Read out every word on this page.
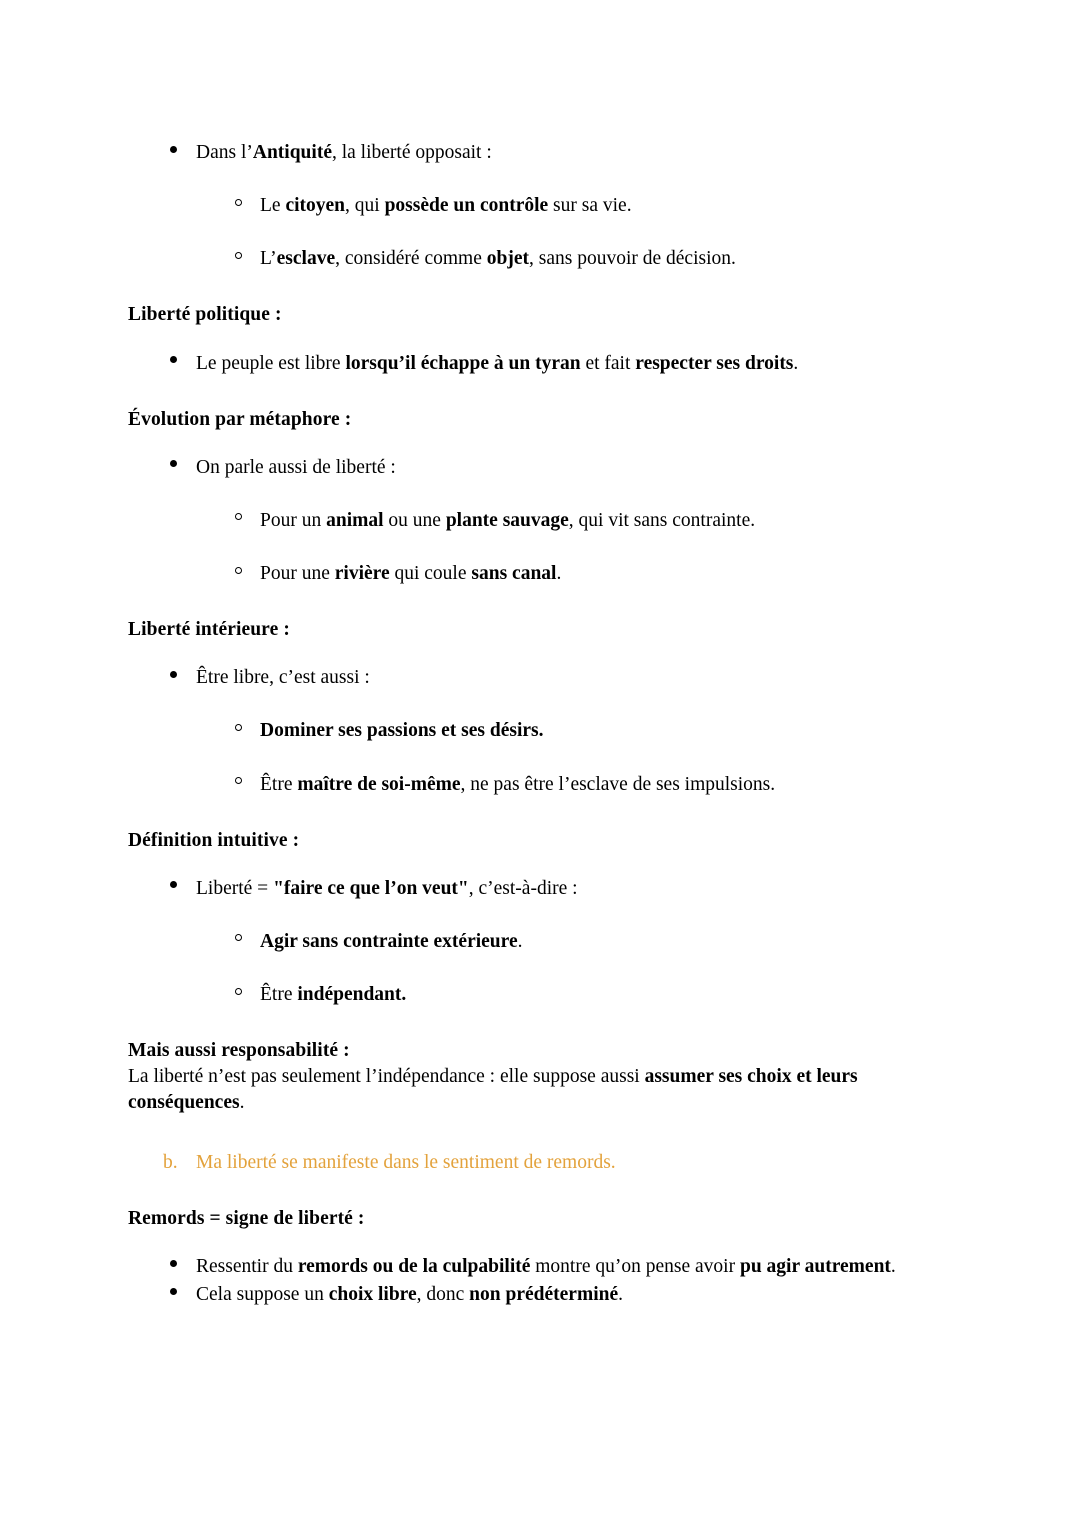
Dans l’Antiquité, la liberté opposait :
Le citoyen, qui possède un contrôle sur sa vie.
L’esclave, considéré comme objet, sans pouvoir de décision.
Liberté politique :
Le peuple est libre lorsqu’il échappe à un tyran et fait respecter ses droits.
Évolution par métaphore :
On parle aussi de liberté :
Pour un animal ou une plante sauvage, qui vit sans contrainte.
Pour une rivière qui coule sans canal.
Liberté intérieure :
Être libre, c’est aussi :
Dominer ses passions et ses désirs.
Être maître de soi-même, ne pas être l’esclave de ses impulsions.
Définition intuitive :
Liberté = "faire ce que l’on veut", c’est-à-dire :
Agir sans contrainte extérieure.
Être indépendant.
Mais aussi responsabilité :
La liberté n’est pas seulement l’indépendance : elle suppose aussi assumer ses choix et leurs conséquences.
b. Ma liberté se manifeste dans le sentiment de remords.
Remords = signe de liberté :
Ressentir du remords ou de la culpabilité montre qu’on pense avoir pu agir autrement.
Cela suppose un choix libre, donc non prédéterminé.
